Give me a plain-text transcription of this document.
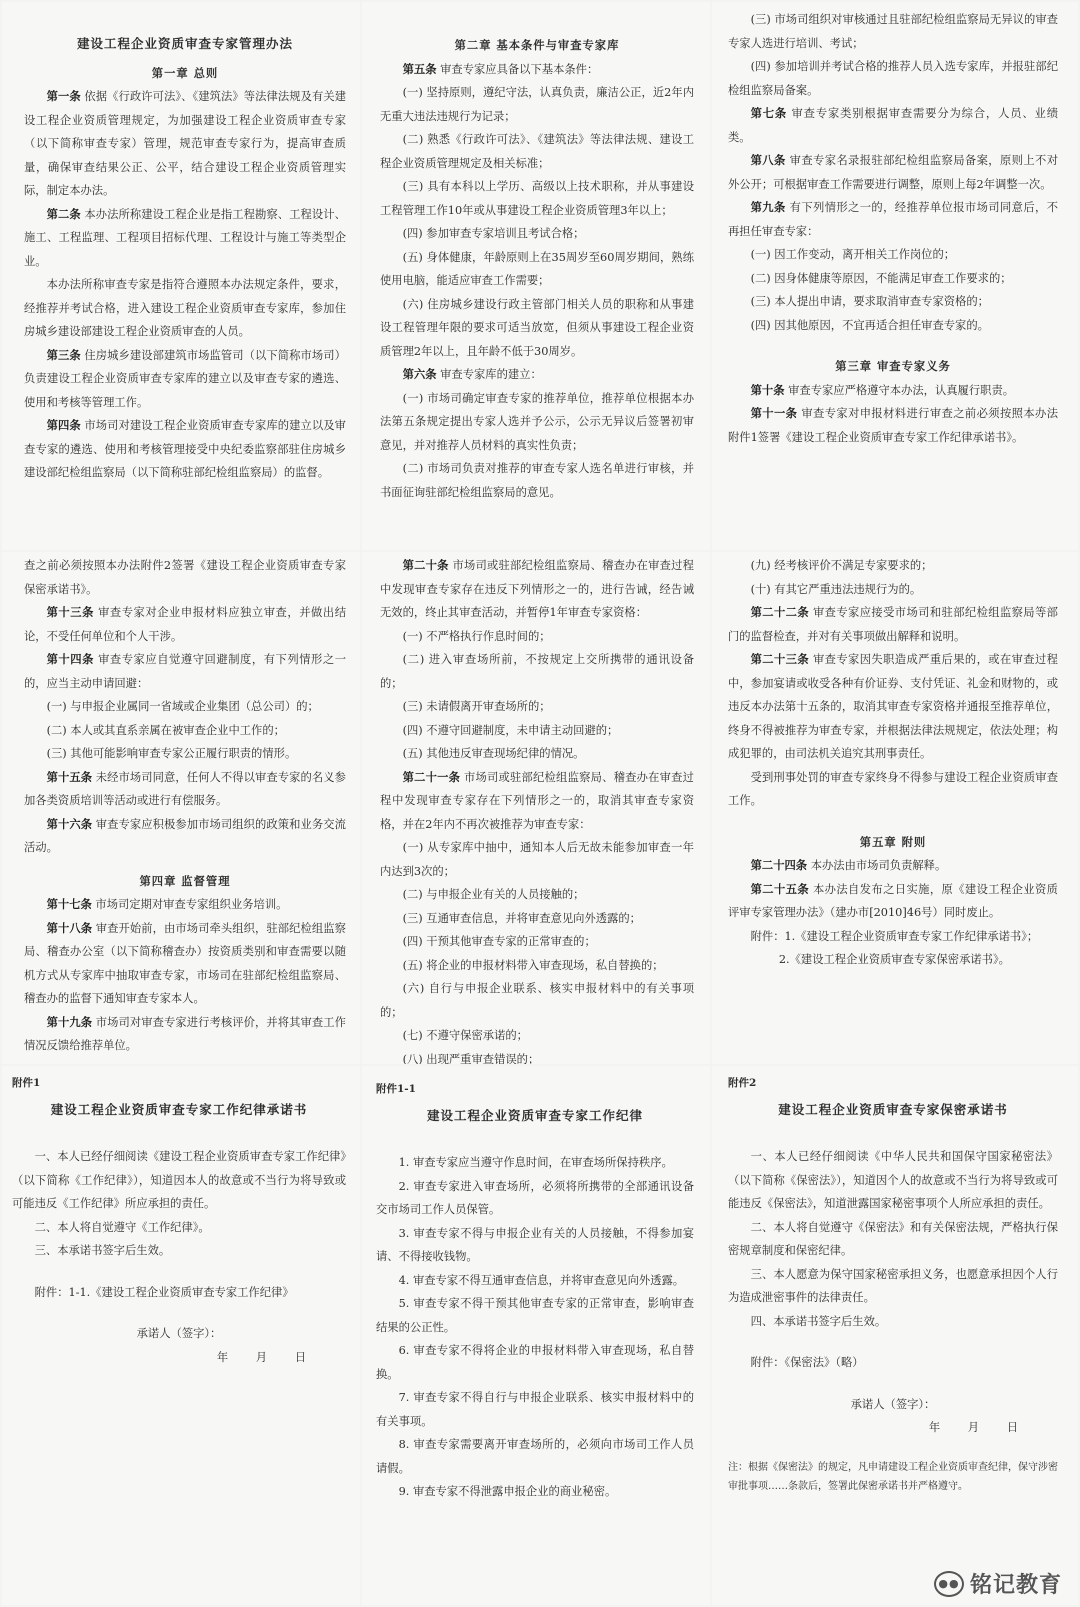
建设工程企业资质审查专家管理办法

第一章 总则

第一条 依据《行政许可法》、《建筑法》等法律法规及有关建设工程企业资质管理规定，为加强建设工程企业资质审查专家（以下简称审查专家）管理，规范审查专家行为，提高审查质量，确保审查结果公正、公平，结合建设工程企业资质管理实际，制定本办法。

第二条 本办法所称建设工程企业是指工程勘察、工程设计、施工、工程监理、工程项目招标代理、工程设计与施工等类型企业。

本办法所称审查专家是指符合遵照本办法规定条件，要求，经推荐并考试合格，进入建设工程企业资质审查专家库，参加住房城乡建设部建设工程企业资质审查的人员。

第三条 住房城乡建设部建筑市场监管司（以下简称市场司）负责建设工程企业资质审查专家库的建立以及审查专家的遴选、使用和考核等管理工作。

第四条 市场司对建设工程企业资质审查专家库的建立以及审查专家的遴选、使用和考核管理接受中央纪委监察部驻住房城乡建设部纪检组监察局（以下简称驻部纪检组监察局）的监督。

第二章 基本条件与审查专家库

第五条 审查专家应具备以下基本条件：

(一) 坚持原则，遵纪守法，认真负责，廉洁公正，近2年内无重大违法违规行为记录；

(二) 熟悉《行政许可法》、《建筑法》等法律法规、建设工程企业资质管理规定及相关标准；

(三) 具有本科以上学历、高级以上技术职称，并从事建设工程管理工作10年或从事建设工程企业资质管理3年以上；

(四) 参加审查专家培训且考试合格；

(五) 身体健康，年龄原则上在35周岁至60周岁期间，熟练使用电脑，能适应审查工作需要；

(六) 住房城乡建设行政主管部门相关人员的职称和从事建设工程管理年限的要求可适当放宽，但须从事建设工程企业资质管理2年以上，且年龄不低于30周岁。

第六条 审查专家库的建立：

(一) 市场司确定审查专家的推荐单位，推荐单位根据本办法第五条规定提出专家人选并予公示，公示无异议后签署初审意见，并对推荐人员材料的真实性负责；

(二) 市场司负责对推荐的审查专家人选名单进行审核，并书面征询驻部纪检组监察局的意见。

(三) 市场司组织对审核通过且驻部纪检组监察局无异议的审查专家人选进行培训、考试；

(四) 参加培训并考试合格的推荐人员入选专家库，并报驻部纪检组监察局备案。

第七条 审查专家类别根据审查需要分为综合，人员、业绩类。

第八条 审查专家名录报驻部纪检组监察局备案，原则上不对外公开；可根据审查工作需要进行调整，原则上每2年调整一次。

第九条 有下列情形之一的，经推荐单位报市场司同意后，不再担任审查专家：

(一) 因工作变动，离开相关工作岗位的；

(二) 因身体健康等原因，不能满足审查工作要求的；

(三) 本人提出申请，要求取消审查专家资格的；

(四) 因其他原因，不宜再适合担任审查专家的。

第三章 审查专家义务

第十条 审查专家应严格遵守本办法，认真履行职责。

第十一条 审查专家对申报材料进行审查之前必须按照本办法附件1签署《建设工程企业资质审查专家工作纪律承诺书》。

查之前必须按照本办法附件2签署《建设工程企业资质审查专家保密承诺书》。

第十三条 审查专家对企业申报材料应独立审查，并做出结论，不受任何单位和个人干涉。

第十四条 审查专家应自觉遵守回避制度，有下列情形之一的，应当主动申请回避：

(一) 与申报企业属同一省域或企业集团（总公司）的；

(二) 本人或其直系亲属在被审查企业中工作的；

(三) 其他可能影响审查专家公正履行职责的情形。

第十五条 未经市场司同意，任何人不得以审查专家的名义参加各类资质培训等活动或进行有偿服务。

第十六条 审查专家应积极参加市场司组织的政策和业务交流活动。

第四章 监督管理

第十七条 市场司定期对审查专家组织业务培训。

第十八条 审查开始前，由市场司牵头组织，驻部纪检组监察局、稽查办公室（以下简称稽查办）按资质类别和审查需要以随机方式从专家库中抽取审查专家，市场司在驻部纪检组监察局、稽查办的监督下通知审查专家本人。

第十九条 市场司对审查专家进行考核评价，并将其审查工作情况反馈给推荐单位。

第二十条 市场司或驻部纪检组监察局、稽查办在审查过程中发现审查专家存在违反下列情形之一的，进行告诫，经告诫无效的，终止其审查活动，并暂停1年审查专家资格：

(一) 不严格执行作息时间的；

(二) 进入审查场所前，不按规定上交所携带的通讯设备的；

(三) 未请假离开审查场所的；

(四) 不遵守回避制度，未申请主动回避的；

(五) 其他违反审查现场纪律的情况。

第二十一条 市场司或驻部纪检组监察局、稽查办在审查过程中发现审查专家存在下列情形之一的，取消其审查专家资格，并在2年内不再次被推荐为审查专家：

(一) 从专家库中抽中，通知本人后无故未能参加审查一年内达到3次的；

(二) 与申报企业有关的人员接触的；

(三) 互通审查信息，并将审查意见向外透露的；

(四) 干预其他审查专家的正常审查的；

(五) 将企业的申报材料带入审查现场，私自替换的；

(六) 自行与申报企业联系、核实申报材料中的有关事项的；

(七) 不遵守保密承诺的；

(八) 出现严重审查错误的；

(九) 经考核评价不满足专家要求的；

(十) 有其它严重违法违规行为的。

第二十二条 审查专家应接受市场司和驻部纪检组监察局等部门的监督检查，并对有关事项做出解释和说明。

第二十三条 审查专家因失职造成严重后果的，或在审查过程中，参加宴请或收受各种有价证券、支付凭证、礼金和财物的，或违反本办法第十五条的，取消其审查专家资格并通报至推荐单位，终身不得被推荐为审查专家，并根据法律法规规定，依法处理；构成犯罪的，由司法机关追究其刑事责任。

受到刑事处罚的审查专家终身不得参与建设工程企业资质审查工作。

第五章 附则

第二十四条 本办法由市场司负责解释。

第二十五条 本办法自发布之日实施，原《建设工程企业资质评审专家管理办法》（建办市[2010]46号）同时废止。

附件：1.《建设工程企业资质审查专家工作纪律承诺书》；

2.《建设工程企业资质审查专家保密承诺书》。

附件1

建设工程企业资质审查专家工作纪律承诺书

一、本人已经仔细阅读《建设工程企业资质审查专家工作纪律》（以下简称《工作纪律》），知道因本人的故意或不当行为将导致或可能违反《工作纪律》所应承担的责任。

二、本人将自觉遵守《工作纪律》。

三、本承诺书签字后生效。

附件：1-1.《建设工程企业资质审查专家工作纪律》

承诺人（签字）：

年 月 日

附件1-1

建设工程企业资质审查专家工作纪律

1. 审查专家应当遵守作息时间，在审查场所保持秩序。

2. 审查专家进入审查场所，必须将所携带的全部通讯设备交市场司工作人员保管。

3. 审查专家不得与申报企业有关的人员接触，不得参加宴请、不得接收钱物。

4. 审查专家不得互通审查信息，并将审查意见向外透露。

5. 审查专家不得干预其他审查专家的正常审查，影响审查结果的公正性。

6. 审查专家不得将企业的申报材料带入审查现场，私自替换。

7. 审查专家不得自行与申报企业联系、核实申报材料中的有关事项。

8. 审查专家需要离开审查场所的，必须向市场司工作人员请假。

9. 审查专家不得泄露申报企业的商业秘密。

附件2

建设工程企业资质审查专家保密承诺书

一、本人已经仔细阅读《中华人民共和国保守国家秘密法》（以下简称《保密法》），知道因个人的故意或不当行为将导致或可能违反《保密法》，知道泄露国家秘密事项个人所应承担的责任。

二、本人将自觉遵守《保密法》和有关保密法规，严格执行保密规章制度和保密纪律。

三、本人愿意为保守国家秘密承担义务，也愿意承担因个人行为造成泄密事件的法律责任。

四、本承诺书签字后生效。

附件：《保密法》（略）

承诺人（签字）：

年 月 日

注：根据《保密法》的规定，凡申请建设工程企业资质审查纪律，保守涉密审批事项……条款后，签署此保密承诺书并严格遵守。

●● 铭记教育
